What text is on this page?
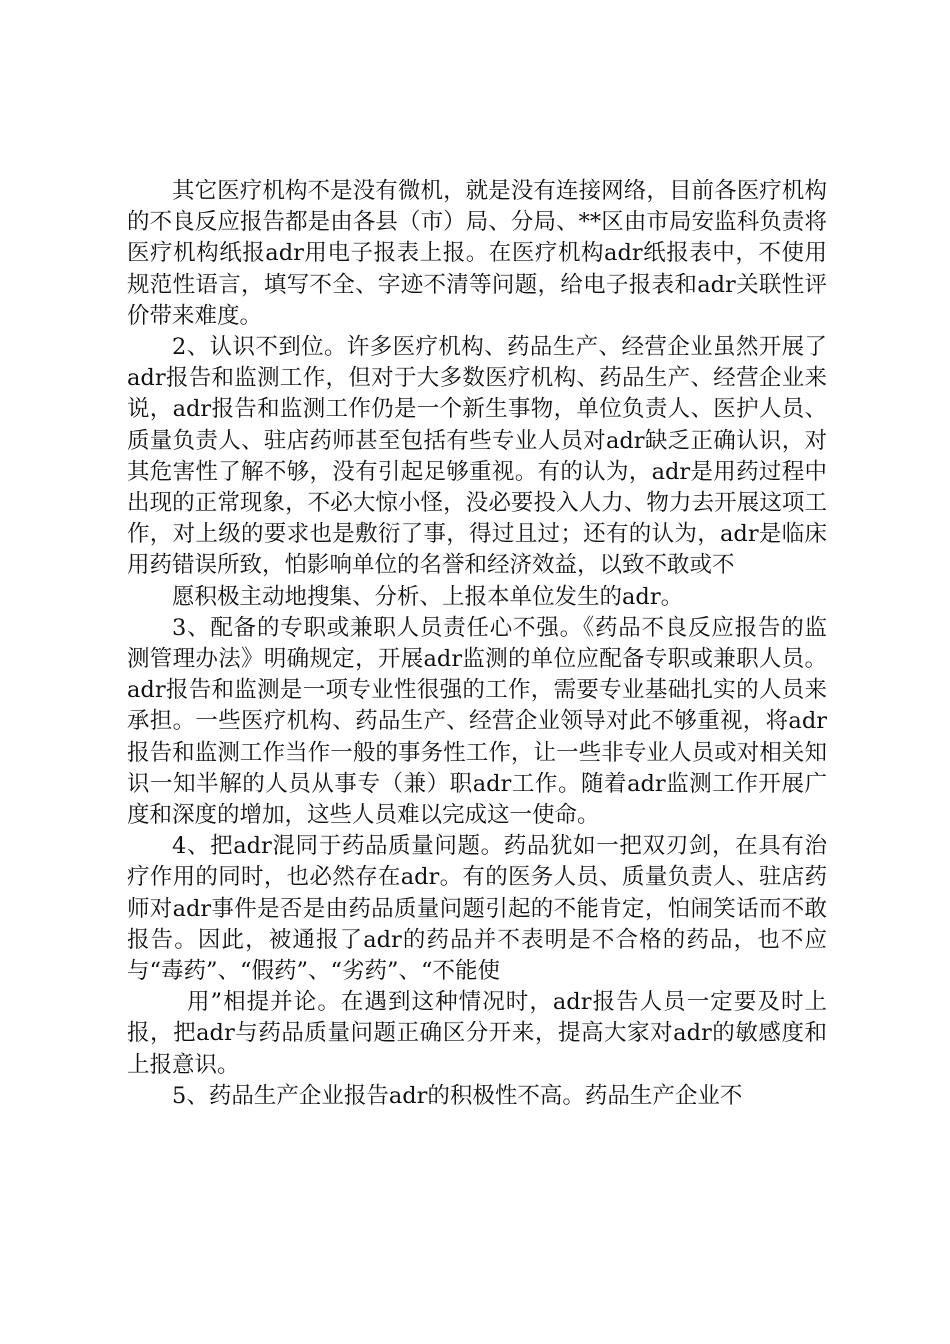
其它医疗机构不是没有微机，就是没有连接网络，目前各医疗机构的不良反应报告都是由各县（市）局、分局、**区由市局安监科负责将医疗机构纸报adr用电子报表上报。在医疗机构adr纸报表中，不使用规范性语言，填写不全、字迹不清等问题，给电子报表和adr关联性评价带来难度。

2、认识不到位。许多医疗机构、药品生产、经营企业虽然开展了adr报告和监测工作，但对于大多数医疗机构、药品生产、经营企业来说，adr报告和监测工作仍是一个新生事物，单位负责人、医护人员、质量负责人、驻店药师甚至包括有些专业人员对adr缺乏正确认识，对其危害性了解不够，没有引起足够重视。有的认为，adr是用药过程中出现的正常现象，不必大惊小怪，没必要投入人力、物力去开展这项工作，对上级的要求也是敷衍了事，得过且过；还有的认为，adr是临床用药错误所致，怕影响单位的名誉和经济效益，以致不敢或不

愿积极主动地搜集、分析、上报本单位发生的adr。

3、配备的专职或兼职人员责任心不强。《药品不良反应报告的监测管理办法》明确规定，开展adr监测的单位应配备专职或兼职人员。adr报告和监测是一项专业性很强的工作，需要专业基础扎实的人员来承担。一些医疗机构、药品生产、经营企业领导对此不够重视，将adr报告和监测工作当作一般的事务性工作，让一些非专业人员或对相关知识一知半解的人员从事专（兼）职adr工作。随着adr监测工作开展广度和深度的增加，这些人员难以完成这一使命。

4、把adr混同于药品质量问题。药品犹如一把双刃剑，在具有治疗作用的同时，也必然存在adr。有的医务人员、质量负责人、驻店药师对adr事件是否是由药品质量问题引起的不能肯定，怕闹笑话而不敢报告。因此，被通报了adr的药品并不表明是不合格的药品，也不应与“毒药”、“假药”、“劣药”、“不能使

用”相提并论。在遇到这种情况时，adr报告人员一定要及时上报，把adr与药品质量问题正确区分开来，提高大家对adr的敏感度和上报意识。

5、药品生产企业报告adr的积极性不高。药品生产企业不
